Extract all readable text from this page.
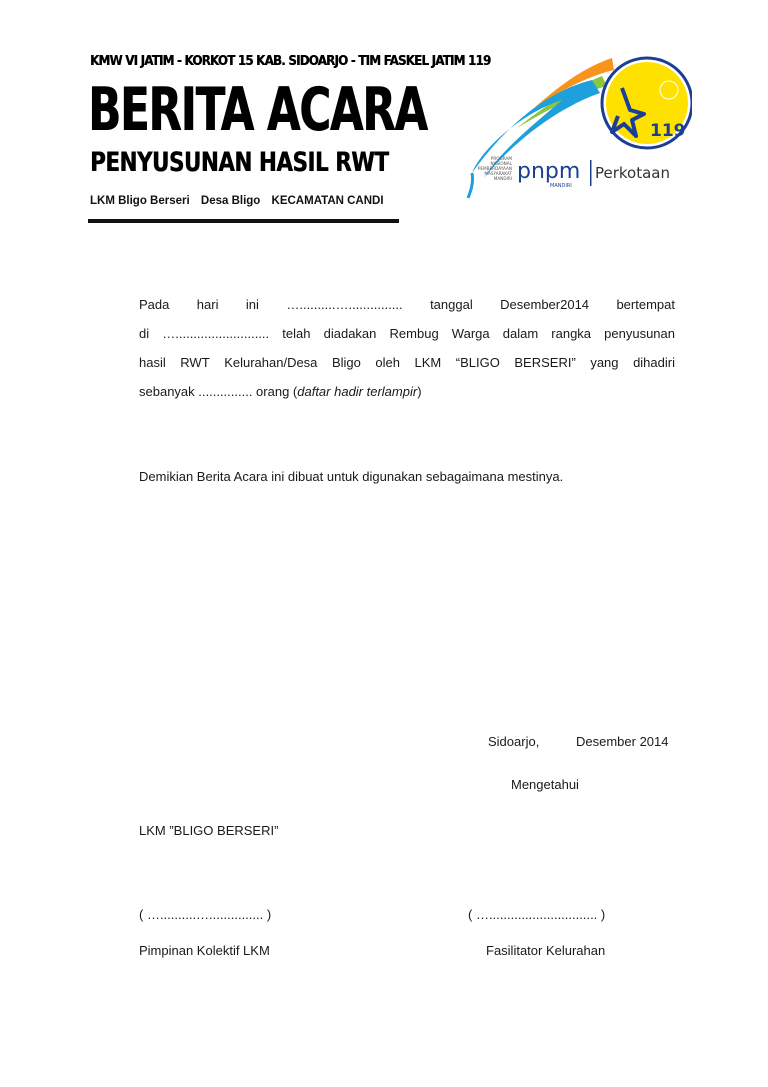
KMW VI JATIM - KORKOT 15 KAB. SIDOARJO - TIM FASKEL JATIM 119
BERITA ACARA
PENYUSUNAN HASIL RWT
LKM Bligo Berseri Desa Bligo KECAMATAN CANDI
119
PROGRAM
NASIONAL
PEMBERDAYAAN
MASYARAKAT
MANDIRI pnpm
MANDIRI
Perkotaan
Pada hari ini …..........…............... tanggal Desember2014 bertempat
di ….......................... telah diadakan Rembug Warga dalam rangka penyusunan
hasil RWT Kelurahan/Desa Bligo oleh LKM “BLIGO BERSERI” yang dihadiri
sebanyak ............... orang ( daftar hadir terlampir )
Demikian Berita Acara ini dibuat untuk digunakan sebagaimana mestinya.
Sidoarjo,	Desember 2014
Mengetahui
LKM ”BLIGO BERSERI”
( …..........…............... )	( ….............................. )
Pimpinan Kolektif LKM	Fasilitator Kelurahan
